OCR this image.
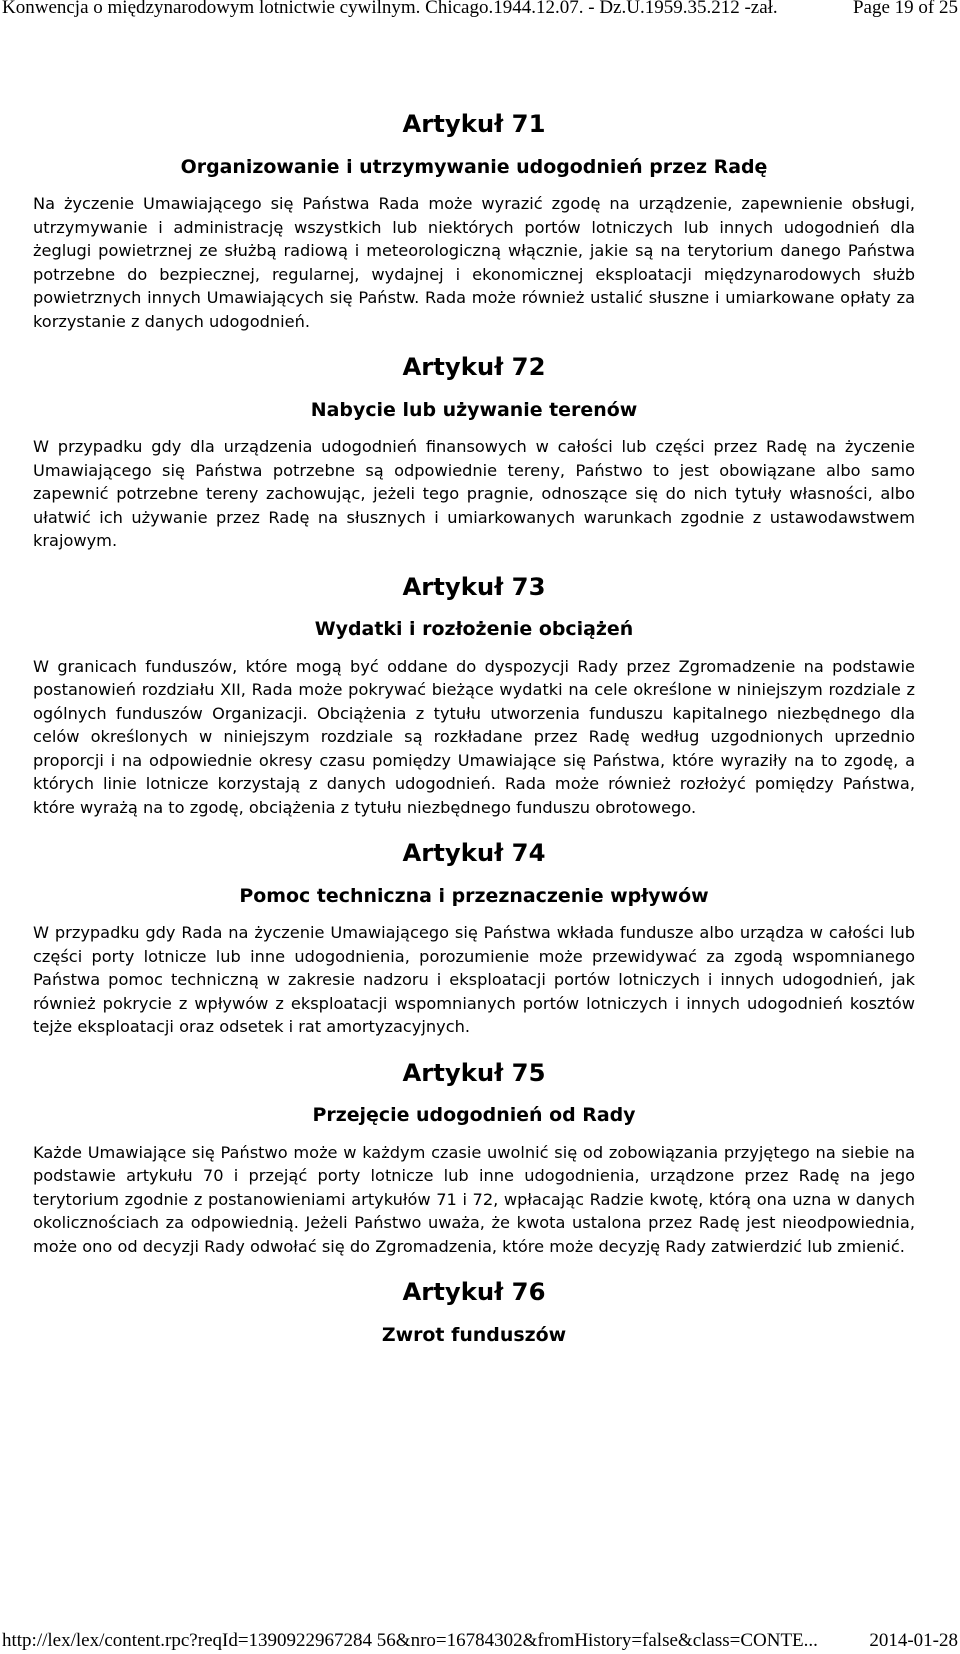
Konwencja o międzynarodowym lotnictwie cywilnym. Chicago.1944.12.07. - Dz.U.1959.35.212 -zał.	Page 19 of 25
Artykuł 71
Organizowanie i utrzymywanie udogodnień przez Radę

Na życzenie Umawiającego się Państwa Rada może wyrazić zgodę na urządzenie, zapewnienie obsługi, utrzymywanie i administrację wszystkich lub niektórych portów lotniczych lub innych udogodnień dla żeglugi powietrznej ze służbą radiową i meteorologiczną włącznie, jakie są na terytorium danego Państwa potrzebne do bezpiecznej, regularnej, wydajnej i ekonomicznej eksploatacji międzynarodowych służb powietrznych innych Umawiających się Państw. Rada może również ustalić słuszne i umiarkowane opłaty za korzystanie z danych udogodnień.

Artykuł 72
Nabycie lub używanie terenów

W przypadku gdy dla urządzenia udogodnień finansowych w całości lub części przez Radę na życzenie Umawiającego się Państwa potrzebne są odpowiednie tereny, Państwo to jest obowiązane albo samo zapewnić potrzebne tereny zachowując, jeżeli tego pragnie, odnoszące się do nich tytuły własności, albo ułatwić ich używanie przez Radę na słusznych i umiarkowanych warunkach zgodnie z ustawodawstwem krajowym.

Artykuł 73
Wydatki i rozłożenie obciążeń

W granicach funduszów, które mogą być oddane do dyspozycji Rady przez Zgromadzenie na podstawie postanowień rozdziału XII, Rada może pokrywać bieżące wydatki na cele określone w niniejszym rozdziale z ogólnych funduszów Organizacji. Obciążenia z tytułu utworzenia funduszu kapitalnego niezbędnego dla celów określonych w niniejszym rozdziale są rozkładane przez Radę według uzgodnionych uprzednio proporcji i na odpowiednie okresy czasu pomiędzy Umawiające się Państwa, które wyraziły na to zgodę, a których linie lotnicze korzystają z danych udogodnień. Rada może również rozłożyć pomiędzy Państwa, które wyrażą na to zgodę, obciążenia z tytułu niezbędnego funduszu obrotowego.

Artykuł 74
Pomoc techniczna i przeznaczenie wpływów

W przypadku gdy Rada na życzenie Umawiającego się Państwa wkłada fundusze albo urządza w całości lub części porty lotnicze lub inne udogodnienia, porozumienie może przewidywać za zgodą wspomnianego Państwa pomoc techniczną w zakresie nadzoru i eksploatacji portów lotniczych i innych udogodnień, jak również pokrycie z wpływów z eksploatacji wspomnianych portów lotniczych i innych udogodnień kosztów tejże eksploatacji oraz odsetek i rat amortyzacyjnych.

Artykuł 75
Przejęcie udogodnień od Rady

Każde Umawiające się Państwo może w każdym czasie uwolnić się od zobowiązania przyjętego na siebie na podstawie artykułu 70 i przejąć porty lotnicze lub inne udogodnienia, urządzone przez Radę na jego terytorium zgodnie z postanowieniami artykułów 71 i 72, wpłacając Radzie kwotę, którą ona uzna w danych okolicznościach za odpowiednią. Jeżeli Państwo uważa, że kwota ustalona przez Radę jest nieodpowiednia, może ono od decyzji Rady odwołać się do Zgromadzenia, które może decyzję Rady zatwierdzić lub zmienić.

Artykuł 76
Zwrot funduszów
http://lex/lex/content.rpc?reqId=1390922967284 56&nro=16784302&fromHistory=false&class=CONTE...	2014-01-28
